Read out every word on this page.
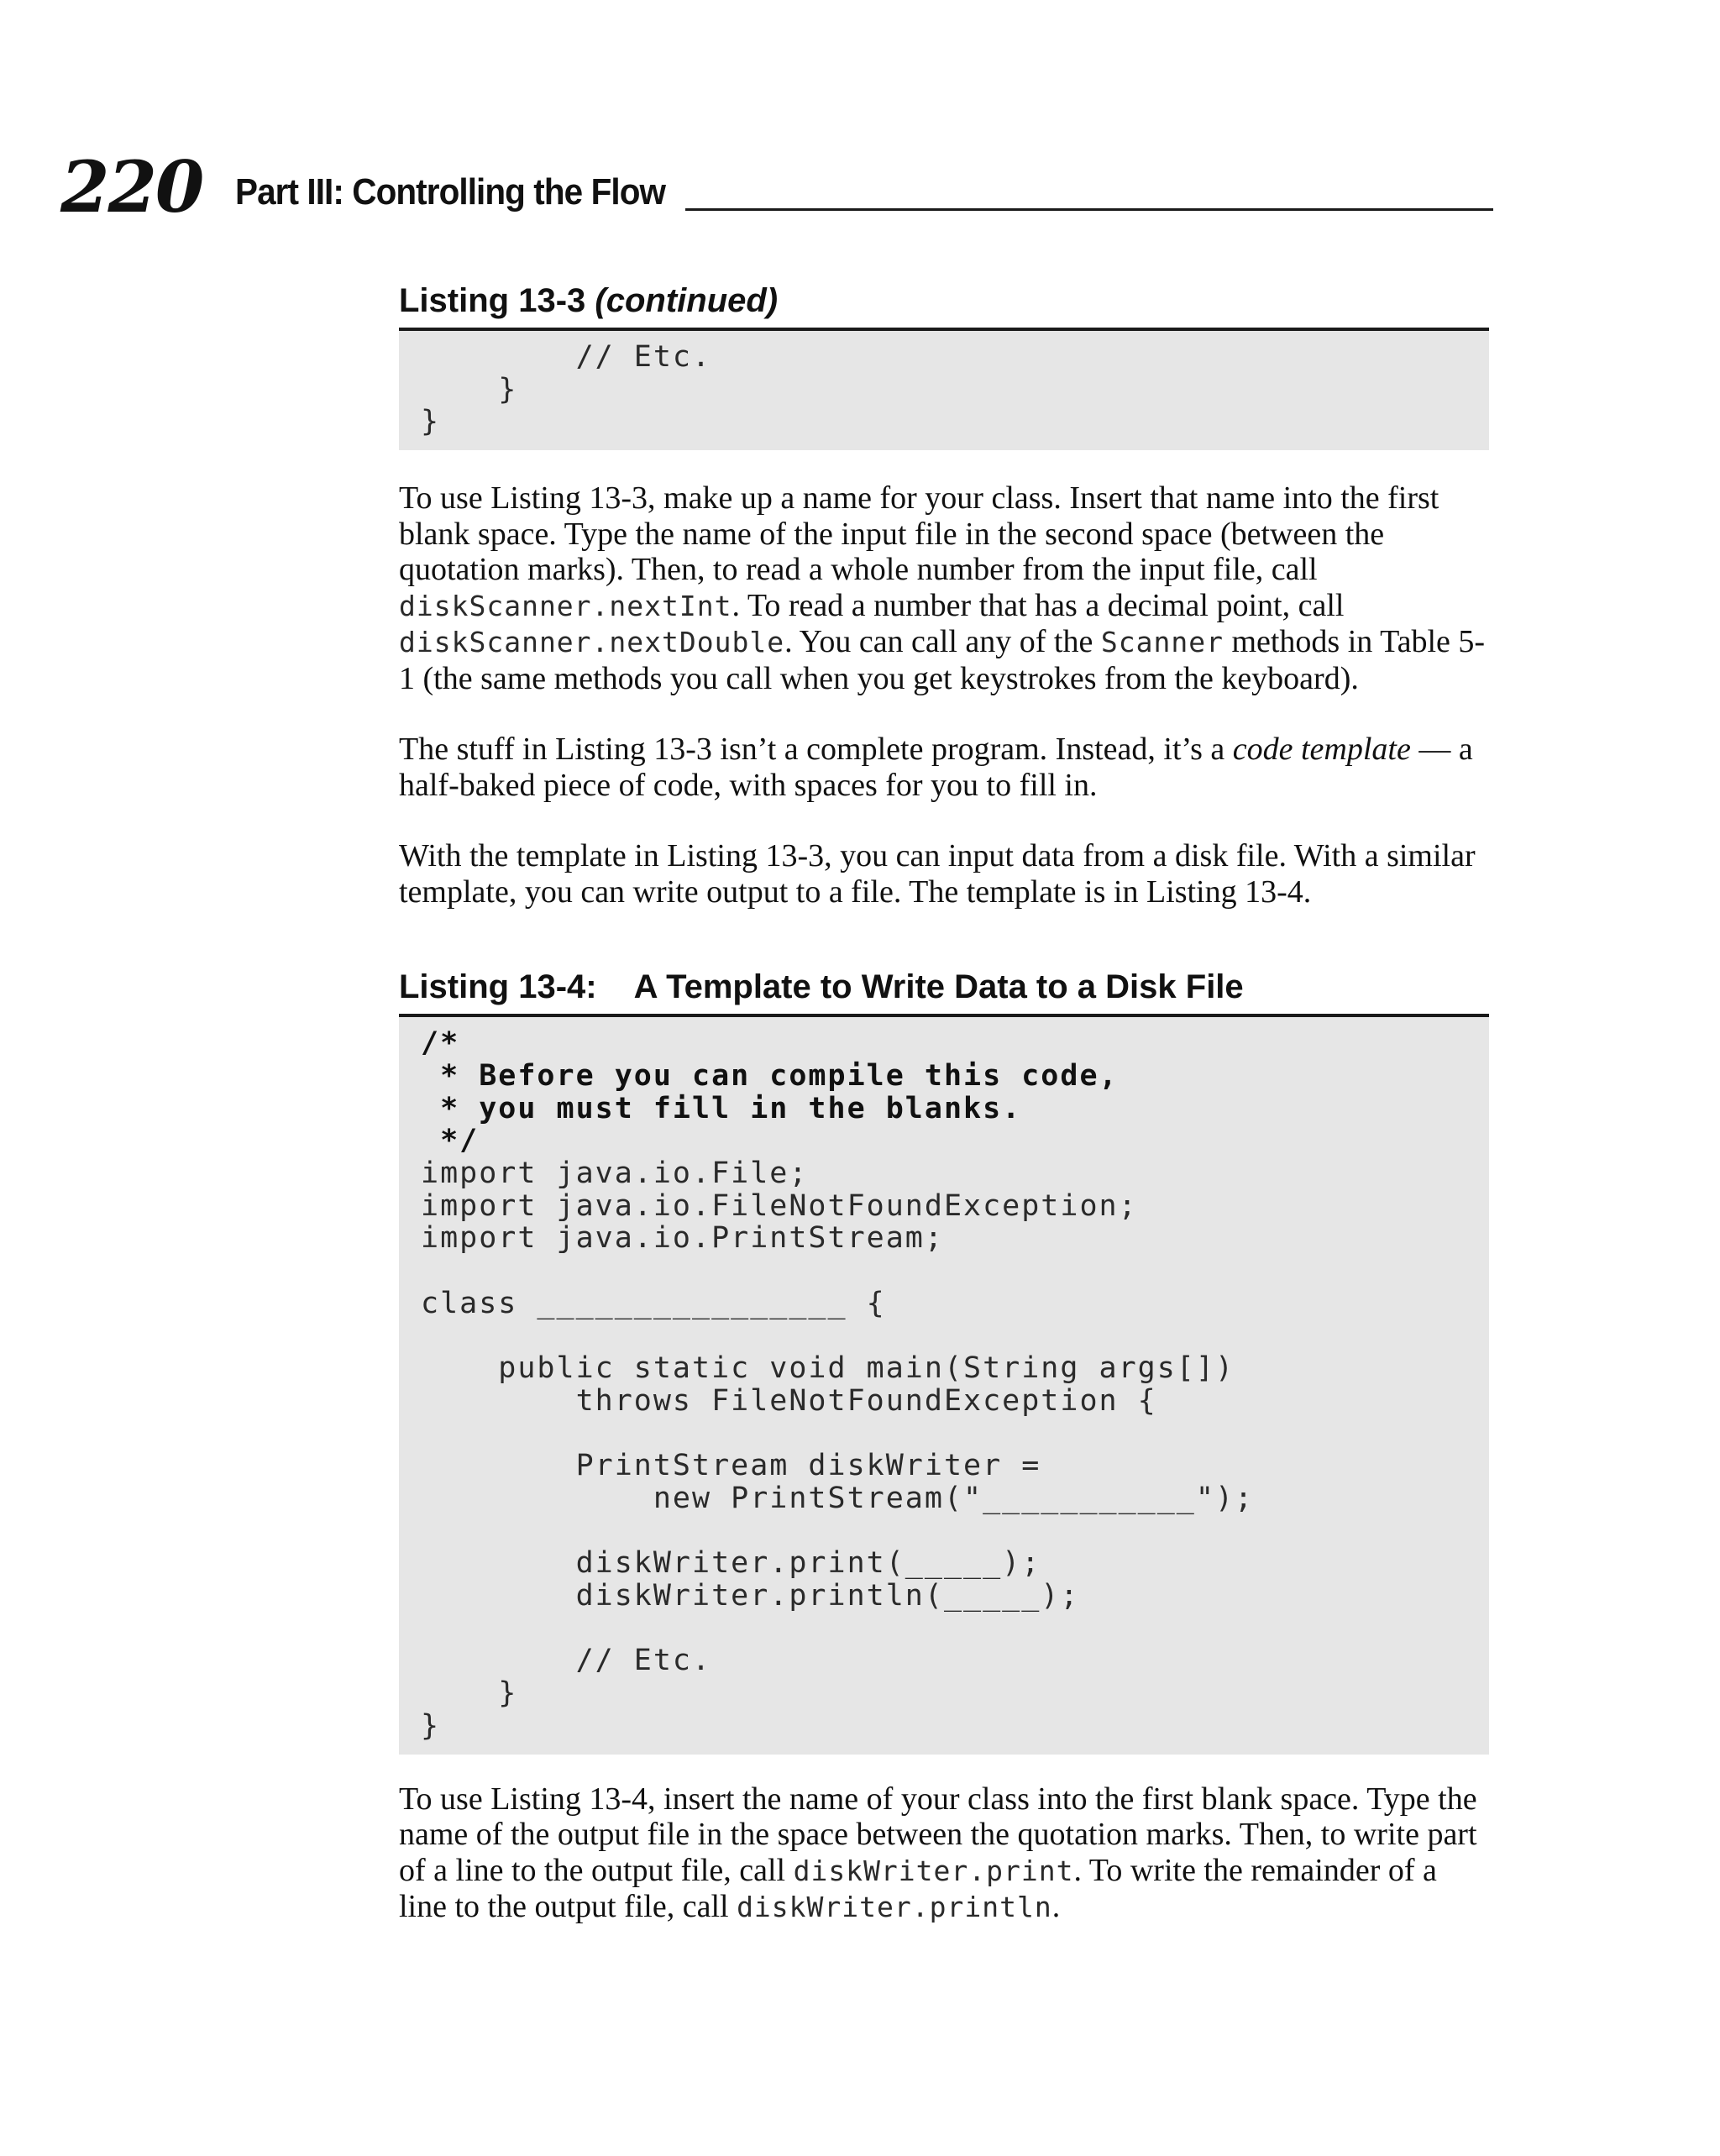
220 Part III: Controlling the Flow
Listing 13-3 (continued)
// Etc.
}
}

To use Listing 13-3, make up a name for your class. Insert that name into the first blank space. Type the name of the input file in the second space (between the quotation marks). Then, to read a whole number from the input file, call diskScanner.nextInt. To read a number that has a decimal point, call diskScanner.nextDouble. You can call any of the Scanner methods in Table 5-1 (the same methods you call when you get keystrokes from the keyboard).

The stuff in Listing 13-3 isn’t a complete program. Instead, it’s a code template — a half-baked piece of code, with spaces for you to fill in.

With the template in Listing 13-3, you can input data from a disk file. With a similar template, you can write output to a file. The template is in Listing 13-4.

Listing 13-4: A Template to Write Data to a Disk File
/*
* Before you can compile this code,
* you must fill in the blanks.
*/
import java.io.File;
import java.io.FileNotFoundException;
import java.io.PrintStream;

class ________________ {

public static void main(String args[])
throws FileNotFoundException {

PrintStream diskWriter =
new PrintStream("___________");

diskWriter.print(_____);
diskWriter.println(_____);

// Etc.
}
}

To use Listing 13-4, insert the name of your class into the first blank space. Type the name of the output file in the space between the quotation marks. Then, to write part of a line to the output file, call diskWriter.print. To write the remainder of a line to the output file, call diskWriter.println.
